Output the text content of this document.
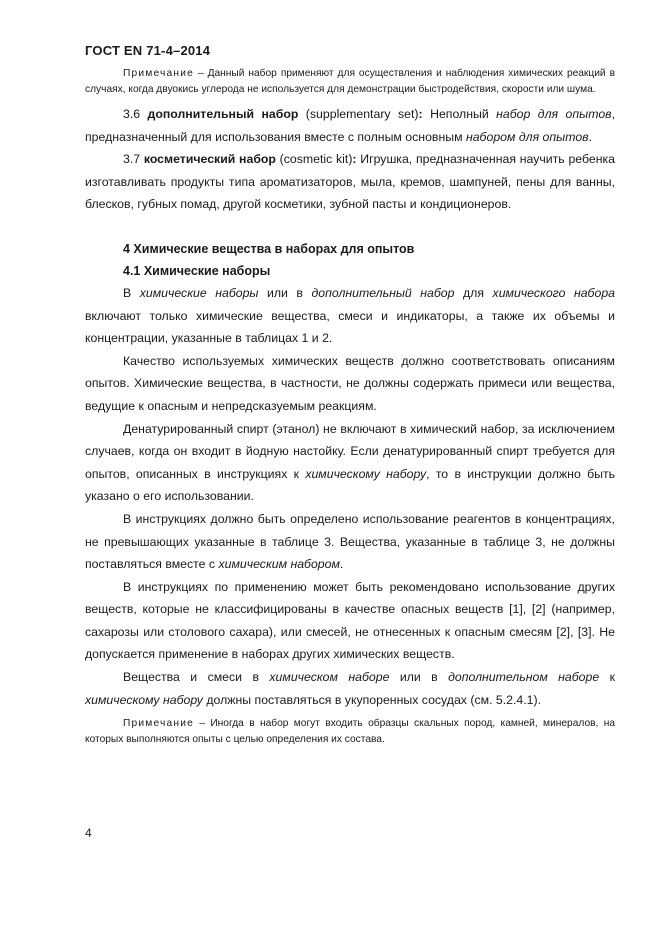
ГОСТ EN 71-4–2014

Примечание – Данный набор применяют для осуществления и наблюдения химических реакций в случаях, когда двуокись углерода не используется для демонстрации быстродействия, скорости или шума.

3.6 дополнительный набор (supplementary set): Неполный набор для опытов, предназначенный для использования вместе с полным основным набором для опытов.

3.7 косметический набор (cosmetic kit): Игрушка, предназначенная научить ребенка изготавливать продукты типа ароматизаторов, мыла, кремов, шампуней, пены для ванны, блесков, губных помад, другой косметики, зубной пасты и кондиционеров.

4 Химические вещества в наборах для опытов

4.1 Химические наборы

В химические наборы или в дополнительный набор для химического набора включают только химические вещества, смеси и индикаторы, а также их объемы и концентрации, указанные в таблицах 1 и 2.

Качество используемых химических веществ должно соответствовать описаниям опытов. Химические вещества, в частности, не должны содержать примеси или вещества, ведущие к опасным и непредсказуемым реакциям.

Денатурированный спирт (этанол) не включают в химический набор, за исключением случаев, когда он входит в йодную настойку. Если денатурированный спирт требуется для опытов, описанных в инструкциях к химическому набору, то в инструкции должно быть указано о его использовании.

В инструкциях должно быть определено использование реагентов в концентрациях, не превышающих указанные в таблице 3. Вещества, указанные в таблице 3, не должны поставляться вместе с химическим набором.

В инструкциях по применению может быть рекомендовано использование других веществ, которые не классифицированы в качестве опасных веществ [1], [2] (например, сахарозы или столового сахара), или смесей, не отнесенных к опасным смесям [2], [3]. Не допускается применение в наборах других химических веществ.

Вещества и смеси в химическом наборе или в дополнительном наборе к химическому набору должны поставляться в укупоренных сосудах (см. 5.2.4.1).

Примечание – Иногда в набор могут входить образцы скальных пород, камней, минералов, на которых выполняются опыты с целью определения их состава.

4
